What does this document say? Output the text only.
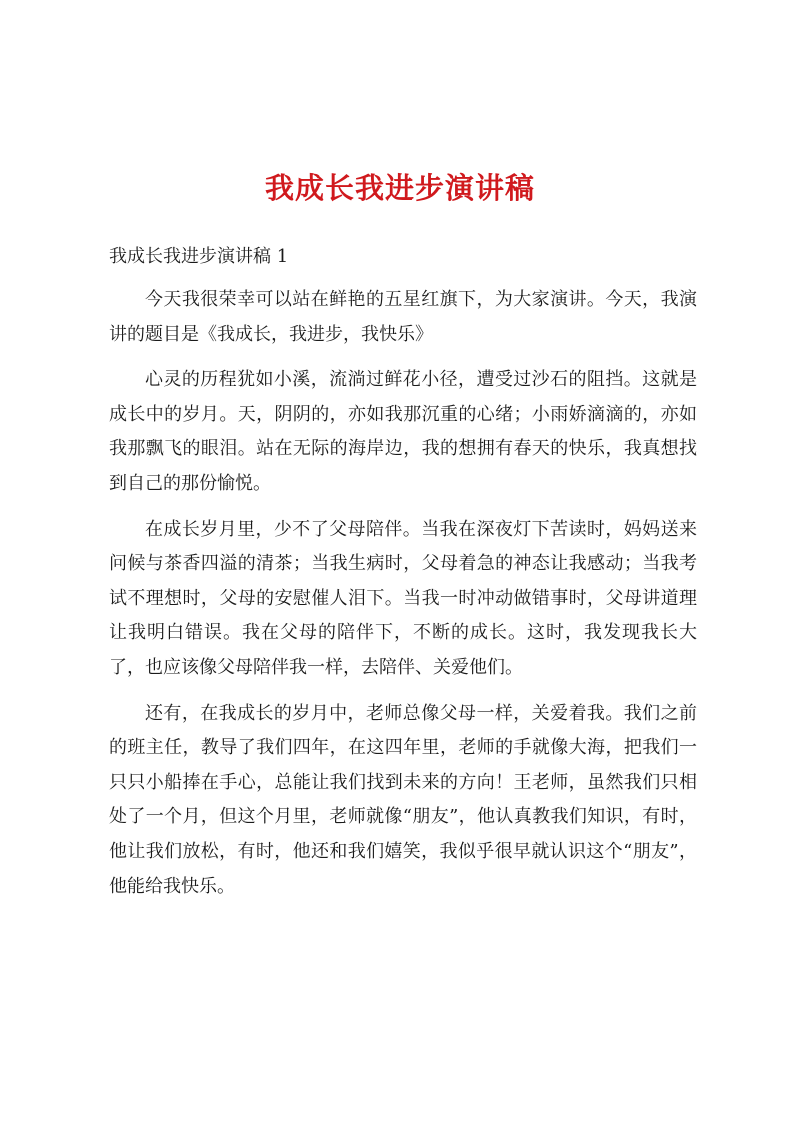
我成长我进步演讲稿
我成长我进步演讲稿 1

今天我很荣幸可以站在鲜艳的五星红旗下，为大家演讲。今天，我演讲的题目是《我成长，我进步，我快乐》

心灵的历程犹如小溪，流淌过鲜花小径，遭受过沙石的阻挡。这就是成长中的岁月。天，阴阴的，亦如我那沉重的心绪；小雨娇滴滴的，亦如我那飘飞的眼泪。站在无际的海岸边，我的想拥有春天的快乐，我真想找到自己的那份愉悦。

在成长岁月里，少不了父母陪伴。当我在深夜灯下苦读时，妈妈送来问候与茶香四溢的清茶；当我生病时，父母着急的神态让我感动；当我考试不理想时，父母的安慰催人泪下。当我一时冲动做错事时，父母讲道理让我明白错误。我在父母的陪伴下，不断的成长。这时，我发现我长大了，也应该像父母陪伴我一样，去陪伴、关爱他们。

还有，在我成长的岁月中，老师总像父母一样，关爱着我。我们之前的班主任，教导了我们四年，在这四年里，老师的手就像大海，把我们一只只小船捧在手心，总能让我们找到未来的方向！王老师，虽然我们只相处了一个月，但这个月里，老师就像“朋友”，他认真教我们知识，有时，他让我们放松，有时，他还和我们嬉笑，我似乎很早就认识这个“朋友”，他能给我快乐。
